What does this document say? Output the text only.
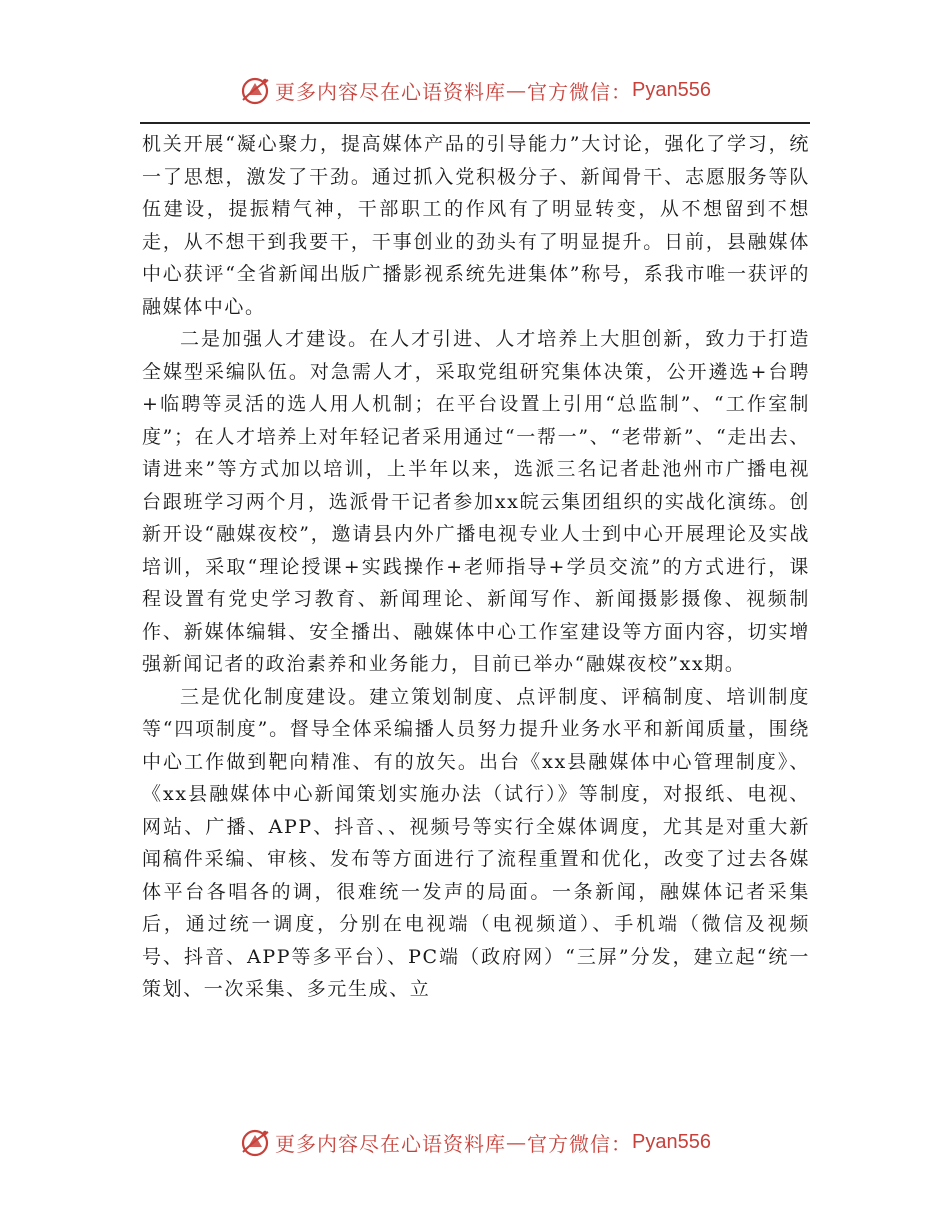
更多内容尽在心语资料库 — 官方微信： Pyan556

机关开展“凝心聚力，提高媒体产品的引导能力”大讨论，强化了学习，统一了思想，激发了干劲。通过抓入党积极分子、新闻骨干、志愿服务等队伍建设，提振精气神，干部职工的作风有了明显转变，从不想留到不想走，从不想干到我要干，干事创业的劲头有了明显提升。日前，县融媒体中心获评“全省新闻出版广播影视系统先进集体”称号，系我市唯一获评的融媒体中心。

二是加强人才建设。在人才引进、人才培养上大胆创新，致力于打造全媒型采编队伍。对急需人才，采取党组研究集体决策，公开遴选+台聘+临聘等灵活的选人用人机制；在平台设置上引用“总监制”、“工作室制度”；在人才培养上对年轻记者采用通过“一帮一”、“老带新”、“走出去、请进来”等方式加以培训，上半年以来，选派三名记者赴池州市广播电视台跟班学习两个月，选派骨干记者参加xx皖云集团组织的实战化演练。创新开设“融媒夜校”，邀请县内外广播电视专业人士到中心开展理论及实战培训，采取“理论授课+实践操作+老师指导+学员交流”的方式进行，课程设置有党史学习教育、新闻理论、新闻写作、新闻摄影摄像、视频制作、新媒体编辑、安全播出、融媒体中心工作室建设等方面内容，切实增强新闻记者的政治素养和业务能力，目前已举办“融媒夜校”xx期。

三是优化制度建设。建立策划制度、点评制度、评稿制度、培训制度等“四项制度”。督导全体采编播人员努力提升业务水平和新闻质量，围绕中心工作做到靶向精准、有的放矢。出台《xx县融媒体中心管理制度》、《xx县融媒体中心新闻策划实施办法（试行）》等制度，对报纸、电视、网站、广播、APP、抖音、、视频号等实行全媒体调度，尤其是对重大新闻稿件采编、审核、发布等方面进行了流程重置和优化，改变了过去各媒体平台各唱各的调，很难统一发声的局面。一条新闻，融媒体记者采集后，通过统一调度，分别在电视端（电视频道）、手机端（微信及视频号、抖音、APP等多平台）、PC端（政府网）“三屏”分发，建立起“统一策划、一次采集、多元生成、立

更多内容尽在心语资料库 — 官方微信： Pyan556
